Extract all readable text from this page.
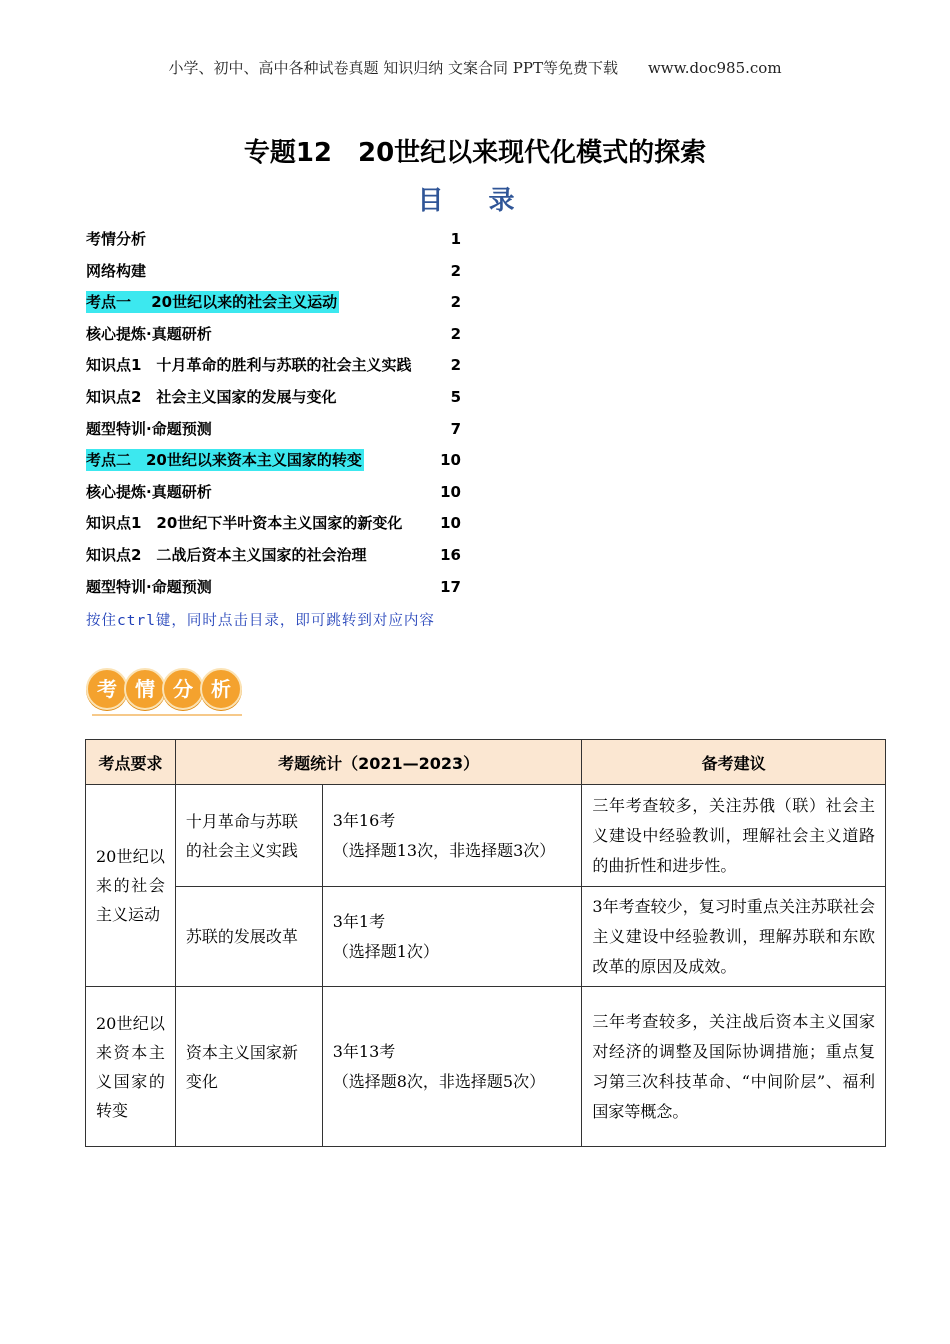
小学、初中、高中各种试卷真题 知识归纳 文案合同 PPT等免费下载　　www.doc985.com
专题12　20世纪以来现代化模式的探索
目 录
考情分析	1
网络构建	2
考点一　 20世纪以来的社会主义运动	2
核心提炼·真题研析	2
知识点1　十月革命的胜利与苏联的社会主义实践	2
知识点2　社会主义国家的发展与变化	5
题型特训·命题预测	7
考点二　20世纪以来资本主义国家的转变	10
核心提炼·真题研析	10
知识点1　20世纪下半叶资本主义国家的新变化	10
知识点2　二战后资本主义国家的社会治理	16
题型特训·命题预测	17
按住ctrl键，同时点击目录，即可跳转到对应内容
考 情 分 析
考点要求	考题统计（2021—2023）		备考建议
20世纪以来的社会主义运动	十月革命与苏联的社会主义实践	3年16考
（选择题13次，非选择题3次）	三年考查较多，关注苏俄（联）社会主义建设中经验教训，理解社会主义道路的曲折性和进步性。
	苏联的发展改革	3年1考
（选择题1次）	3年考查较少，复习时重点关注苏联社会主义建设中经验教训，理解苏联和东欧改革的原因及成效。
20世纪以来资本主义国家的转变	资本主义国家新变化	3年13考
（选择题8次，非选择题5次）	三年考查较多，关注战后资本主义国家对经济的调整及国际协调措施；重点复习第三次科技革命、“中间阶层”、福利国家等概念。
